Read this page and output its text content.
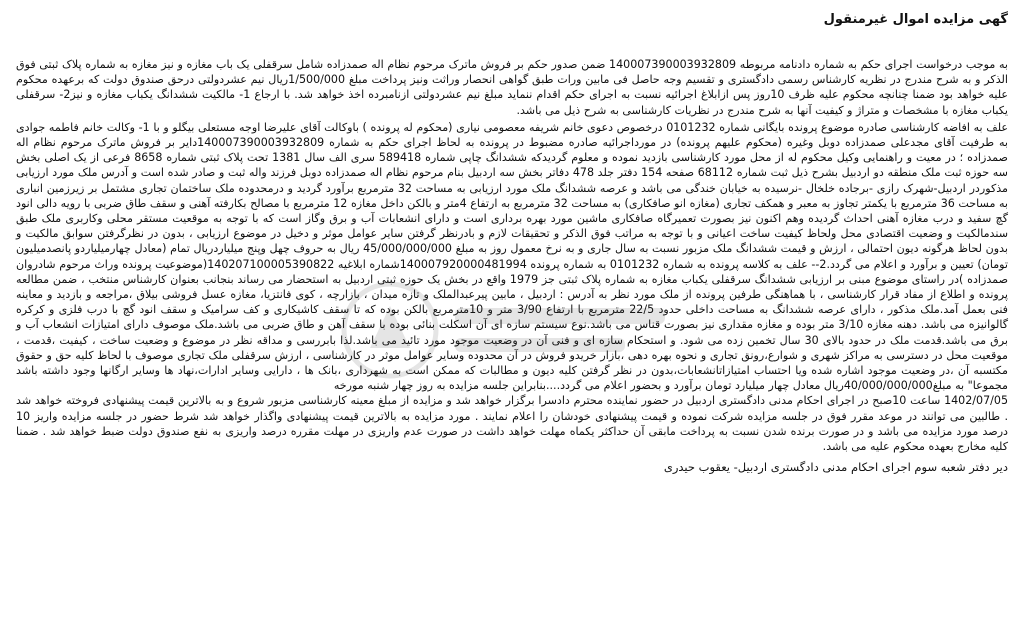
گهی مزایده اموال غیرمنقول

به موجب درخواست اجرای حکم به شماره دادنامه مربوطه 140007390003932809 ضمن صدور حکم بر فروش ماترک مرحوم نظام اله صمدزاده شامل سرقفلی یک باب مغازه و نیز مغازه به شماره پلاک ثبتی فوق الذکر و به شرح مندرج در نظریه کارشناس رسمی دادگستری و تقسیم وجه حاصل فی مابین ورات طبق گواهی انحصار وراثت ونیز پرداخت مبلغ 1/500/000ریال نیم عشردولتی درحق صندوق دولت که برعهده محکوم علیه خواهد بود ضمنا چنانچه محکوم علیه ظرف 10روز پس ازابلاغ اجرائیه نسبت به اجرای حکم اقدام ننماید مبلغ نیم عشردولتی ازنامبرده اخذ خواهد شد. با ارجاع 1- مالکیت ششدانگ یکباب مغازه و نیز2- سرقفلی یکباب مغازه با مشخصات و متراژ و کیفیت آنها به شرح مندرج در نظریات کارشناسی به شرح ذیل می باشد.

علف به افاضه کارشناسی صادره موضوع پرونده بایگانی شماره 0101232 درخصوص دعوی خانم شریفه معصومی نیاری (محکوم له پرونده ) باوکالت آقای علیرضا اوجه مستعلی بیگلو و با 1- وکالت خانم فاطمه جوادی به طرفیت آقای مجدعلی صمدزاده دوبل وغیره (محکوم علیهم پرونده) در مورداجرائیه صادره مضبوط در پرونده به لحاظ اجرای حکم به شماره 140007390003932809دایر بر فروش ماترک مرحوم نظام اله صمدزاده ؛ در معیت و راهنمایی وکیل محکوم له از محل مورد کارشناسی بازدید نموده و معلوم گردیدکه ششدانگ چاپی شماره 589418 سری الف سال 1381 تحت پلاک ثبتی شماره 8658 فرعی از یک اصلی بخش سه حوزه ثبت ملک منطقه دو اردبیل بشرح ذیل ثبت شماره 68112 صفحه 154 دفتر جلد 478 دفاتر بخش سه اردبیل بنام مرحوم نظام اله صمدزاده دوبل فرزند واله ثبت و صادر شده است و آدرس ملک مورد ارزیابی مذکوردر اردبیل-شهرک رازی -برجاده خلخال -نرسیده به خیابان خندگی می باشد و عرصه ششدانگ ملک مورد ارزیابی به مساحت 32 مترمربع برآورد گردید و درمحدوده ملک ساختمان تجاری مشتمل بر زیرزمین انباری به مساحت 36 مترمربع با یکمتر تجاوز به معبر و همکف تجاری (مغازه انو صافکاری) به مساحت 32 مترمربع به ارتفاع 4متر و بالکن داخل مغازه 12 مترمربع با مصالح بکارفته آهنی و سقف طاق ضربی با رویه دالی انود گچ سفید و درب مغازه آهنی احداث گردیده وهم اکنون نیز بصورت تعمیرگاه صافکاری ماشین مورد بهره برداری است و دارای انشعابات آب و برق وگاز است که با توجه به موقعیت مستقر محلی وکاربری ملک طبق سندمالکیت و وضعیت اقتصادی محل ولحاظ کیفیت ساخت اعیانی و با توجه به مراتب فوق الذکر و تحقیقات لازم و بادرنظر گرفتن سایر عوامل موثر و دخیل در موضوع ارزیابی ، بدون در نظرگرفتن سوابق مالکیت و بدون لحاظ هرگونه دیون احتمالی ، ارزش و قیمت ششدانگ ملک مزبور نسبت به سال جاری و به نرخ معمول روز به مبلغ 45/000/000/000 ریال به حروف چهل وپنج میلیاردریال تمام (معادل چهارمیلیاردو پانصدمیلیون تومان) تعیین و برآورد و اعلام می گردد.2-- علف به کلاسه پرونده به شماره 0101232 به شماره پرونده 140007920000481994شماره ابلاغیه 140207100005390822(موضوعیت پرونده وراث مرحوم شادروان صمدزاده )در راستای موضوع مبنی بر ارزیابی ششدانگ سرقفلی یکباب مغازه به شماره پلاک ثبتی جز 1979 واقع در بخش یک حوزه ثبتی اردبیل به استحضار می رساند بنجانب بعنوان کارشناس منتخب ، ضمن مطالعه پرونده و اطلاع از مفاد قرار کارشناسی ، با هماهنگی طرفین پرونده از ملک مورد نظر به آدرس : اردبیل ، مابین پیرعبدالملک و تازه میدان ، بازارچه ، کوی فانتزیا، مغازه عسل فروشی بیلاق ،مراجعه و بازدید و معاینه فنی بعمل آمد.ملک مذکور ، دارای عرصه ششدانگ به مساحت داخلی حدود 22/5 مترمربع با ارتفاع 3/90 متر و 10مترمربع بالکن بوده که تا سقف کاشیکاری و کف سرامیک و سقف انود گچ با درب فلزی و کرکره گالوانیزه می باشد. دهنه مغازه 3/10 متر بوده و مغازه مقداری نیز بصورت قناس می باشد.نوع سیستم سازه ای آن اسکلت بنائی بوده با سقف آهن و طاق ضربی می باشد.ملک موصوف دارای امتیازات انشعاب آب و برق می باشد.قدمت ملک در حدود بالای 30 سال تخمین زده می شود. و استحکام سازه ای و فنی آن در وضعیت موجود مورد تائید می باشد.لذا بابررسی و مداقه نظر در موضوع و وضعیت ساخت ، کیفیت ،قدمت ، موقعیت محل در دسترسی به مراکز شهری و شوارع،رونق تجاری و نحوه بهره دهی ،بازار خریدو فروش در آن محدوده وسایر عوامل موثر در کارشناسی ، ارزش سرقفلی ملک تجاری موصوف با لحاظ کلیه حق و حقوق مکتسبه آن ،در وضعیت موجود اشاره شده ویا احتساب امتیازاتانشعابات،بدون در نظر گرفتن کلیه دیون و مطالبات که ممکن است به شهرداری ،بانک ها ، دارایی وسایر ادارات،نهاد ها وسایر ارگانها وجود داشته باشد مجموعا" به مبلغ40/000/000/000ریال معادل چهار میلیارد تومان برآورد و بحضور اعلام می گردد....بنابراین جلسه مزایده به روز چهار شنبه مورخه

1402/07/05 ساعت 10صبح در اجرای احکام مدنی دادگستری اردبیل در حضور نماینده محترم دادسرا برگزار خواهد شد و مزایده از مبلغ معینه کارشناسی مزبور شروع و به بالاترین قیمت پیشنهادی فروخته خواهد شد . طالبین می توانند در موعد مقرر فوق در جلسه مزایده شرکت نموده و قیمت پیشنهادی خودشان را اعلام نمایند . مورد مزایده به بالاترین قیمت پیشنهادی واگذار خواهد شد شرط حضور در جلسه مزایده واریز 10 درصد مورد مزایده می باشد و در صورت برنده شدن نسبت به پرداخت مابقی آن حداکثر یکماه مهلت خواهد داشت در صورت عدم واریزی در مهلت مقرره درصد واریزی به نفع صندوق دولت ضبط خواهد شد . ضمنا کلیه مخارج بعهده محکوم علیه می باشد.

دیر دفتر شعبه سوم اجرای احکام مدنی دادگستری اردبیل- یعقوب حیدری
